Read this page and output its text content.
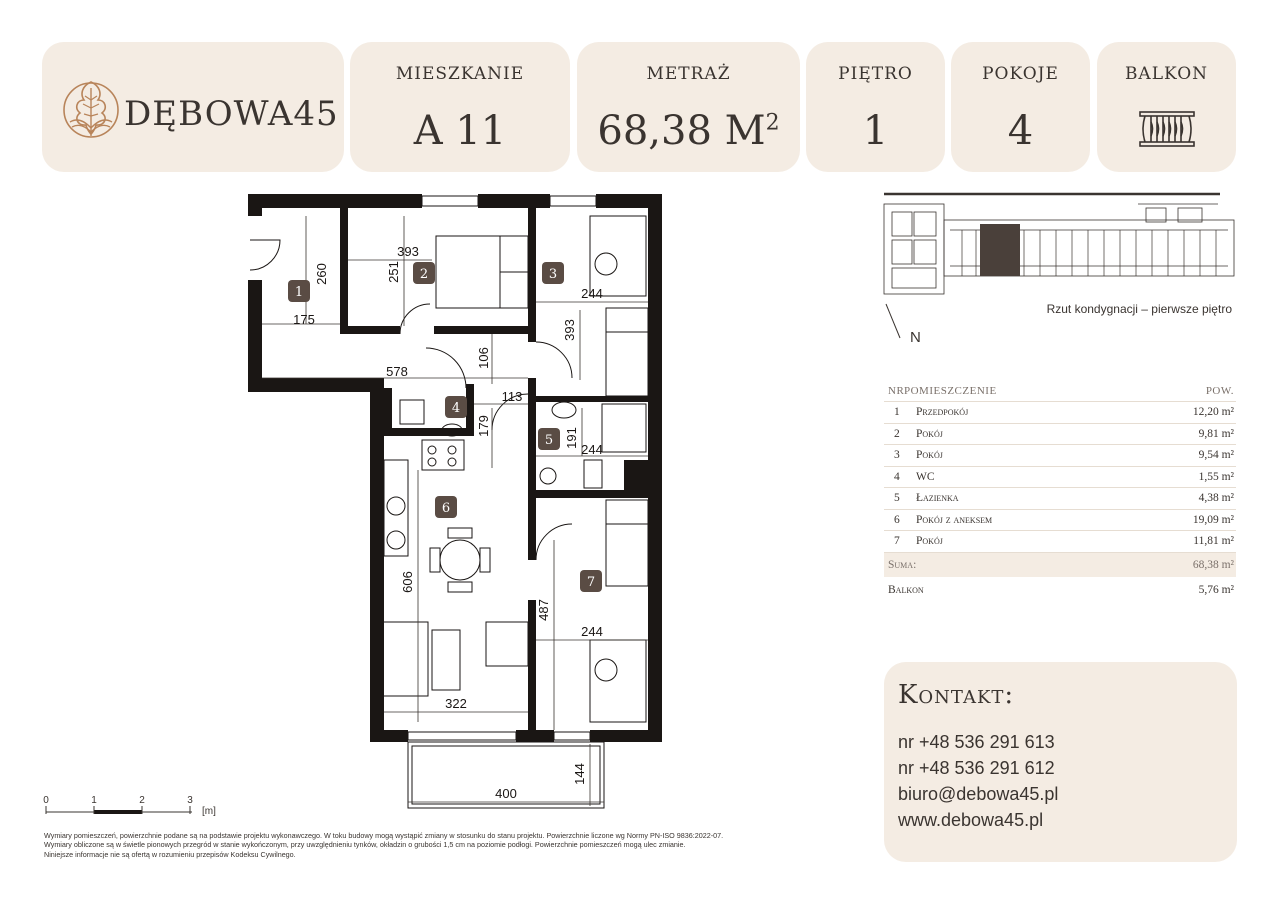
DĘBOWA45
MIESZKANIE
A 11
METRAŻ
68,38 $M^2$
PIĘTRO
1
POKOJE
4
BALKON
393
260	251
244
175	393
106
578
113
179
191
244
606
487
244
322
400
144
1
2	3
4
5
6
7
0	1	2	3
[m]
N
Rzut kondygnacji – pierwsze piętro
NR POMIESZCZENIE	POW.
1 Przedpokój	12,20 m²
2 Pokój	9,81 m²
3 Pokój	9,54 m²
4 WC	1,55 m²
5 Łazienka	4,38 m²
6 Pokój z aneksem	19,09 m²
7 Pokój	11,81 m²
Suma:	68,38 m²
Balkon	5,76 m²
Kontakt:
nr +48 536 291 613
nr +48 536 291 612
biuro@debowa45.pl
www.debowa45.pl
Wymiary pomieszczeń, powierzchnie podane są na podstawie projektu wykonawczego. W toku budowy mogą wystąpić zmiany w stosunku do stanu projektu. Powierzchnie liczone wg Normy PN-ISO 9836:2022-07.
Wymiary obliczone są w świetle pionowych przegród w stanie wykończonym, przy uwzględnieniu tynków, okładzin o grubości 1,5 cm na poziomie podłogi. Powierzchnie pomieszczeń mogą ulec zmianie.
Niniejsze informacje nie są ofertą w rozumieniu przepisów Kodeksu Cywilnego.
